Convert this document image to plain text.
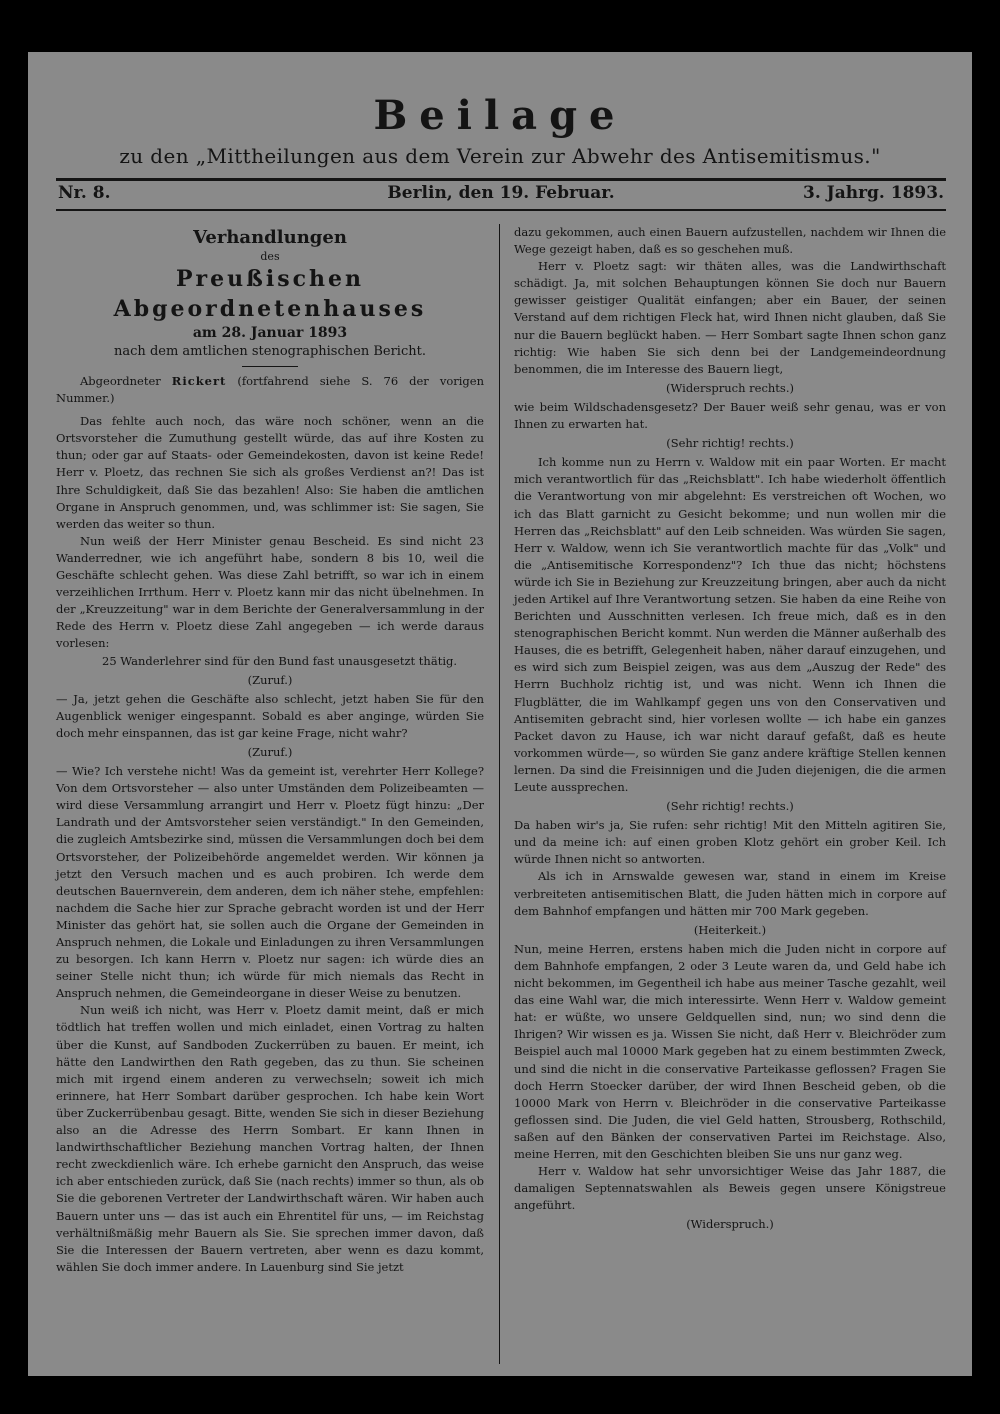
Beilage
zu den „Mittheilungen aus dem Verein zur Abwehr des Antisemitismus."
Nr. 8.	Berlin, den 19. Februar.	3. Jahrg. 1893.
Verhandlungen
des
Preußischen Abgeordnetenhauses
am 28. Januar 1893
nach dem amtlichen stenographischen Bericht.

Abgeordneter Rickert (fortfahrend siehe S. 76 der vorigen Nummer.)

Das fehlte auch noch, das wäre noch schöner, wenn an die Ortsvorsteher die Zumuthung gestellt würde, das auf ihre Kosten zu thun; oder gar auf Staats- oder Gemeindekosten, davon ist keine Rede! Herr v. Ploetz, das rechnen Sie sich als großes Verdienst an?! Das ist Ihre Schuldigkeit, daß Sie das bezahlen! Also: Sie haben die amtlichen Organe in Anspruch genommen, und, was schlimmer ist: Sie sagen, Sie werden das weiter so thun.

Nun weiß der Herr Minister genau Bescheid. Es sind nicht 23 Wanderredner, wie ich angeführt habe, sondern 8 bis 10, weil die Geschäfte schlecht gehen. Was diese Zahl betrifft, so war ich in einem verzeihlichen Irrthum. Herr v. Ploetz kann mir das nicht übelnehmen. In der „Kreuzzeitung" war in dem Berichte der Generalversammlung in der Rede des Herrn v. Ploetz diese Zahl angegeben — ich werde daraus vorlesen:

25 Wanderlehrer sind für den Bund fast unausgesetzt thätig.

(Zuruf.)

— Ja, jetzt gehen die Geschäfte also schlecht, jetzt haben Sie für den Augenblick weniger eingespannt. Sobald es aber anginge, würden Sie doch mehr einspannen, das ist gar keine Frage, nicht wahr?

(Zuruf.)

— Wie? Ich verstehe nicht! Was da gemeint ist, verehrter Herr Kollege? Von dem Ortsvorsteher — also unter Umständen dem Polizeibeamten — wird diese Versammlung arrangirt und Herr v. Ploetz fügt hinzu: „Der Landrath und der Amtsvorsteher seien verständigt." In den Gemeinden, die zugleich Amtsbezirke sind, müssen die Versammlungen doch bei dem Ortsvorsteher, der Polizeibehörde angemeldet werden. Wir können ja jetzt den Versuch machen und es auch probiren. Ich werde dem deutschen Bauernverein, dem anderen, dem ich näher stehe, empfehlen: nachdem die Sache hier zur Sprache gebracht worden ist und der Herr Minister das gehört hat, sie sollen auch die Organe der Gemeinden in Anspruch nehmen, die Lokale und Einladungen zu ihren Versammlungen zu besorgen. Ich kann Herrn v. Ploetz nur sagen: ich würde dies an seiner Stelle nicht thun; ich würde für mich niemals das Recht in Anspruch nehmen, die Gemeindeorgane in dieser Weise zu benutzen.

Nun weiß ich nicht, was Herr v. Ploetz damit meint, daß er mich tödtlich hat treffen wollen und mich einladet, einen Vortrag zu halten über die Kunst, auf Sandboden Zuckerrüben zu bauen. Er meint, ich hätte den Landwirthen den Rath gegeben, das zu thun. Sie scheinen mich mit irgend einem anderen zu verwechseln; soweit ich mich erinnere, hat Herr Sombart darüber gesprochen. Ich habe kein Wort über Zuckerrübenbau gesagt. Bitte, wenden Sie sich in dieser Beziehung also an die Adresse des Herrn Sombart. Er kann Ihnen in landwirthschaftlicher Beziehung manchen Vortrag halten, der Ihnen recht zweckdienlich wäre. Ich erhebe garnicht den Anspruch, das weise ich aber entschieden zurück, daß Sie (nach rechts) immer so thun, als ob Sie die geborenen Vertreter der Landwirthschaft wären. Wir haben auch Bauern unter uns — das ist auch ein Ehrentitel für uns, — im Reichstag verhältnißmäßig mehr Bauern als Sie. Sie sprechen immer davon, daß Sie die Interessen der Bauern vertreten, aber wenn es dazu kommt, wählen Sie doch immer andere. In Lauenburg sind Sie jetzt

dazu gekommen, auch einen Bauern aufzustellen, nachdem wir Ihnen die Wege gezeigt haben, daß es so geschehen muß.

Herr v. Ploetz sagt: wir thäten alles, was die Landwirthschaft schädigt. Ja, mit solchen Behauptungen können Sie doch nur Bauern gewisser geistiger Qualität einfangen; aber ein Bauer, der seinen Verstand auf dem richtigen Fleck hat, wird Ihnen nicht glauben, daß Sie nur die Bauern beglückt haben. — Herr Sombart sagte Ihnen schon ganz richtig: Wie haben Sie sich denn bei der Landgemeindeordnung benommen, die im Interesse des Bauern liegt,

(Widerspruch rechts.)

wie beim Wildschadensgesetz? Der Bauer weiß sehr genau, was er von Ihnen zu erwarten hat.

(Sehr richtig! rechts.)

Ich komme nun zu Herrn v. Waldow mit ein paar Worten. Er macht mich verantwortlich für das „Reichsblatt". Ich habe wiederholt öffentlich die Verantwortung von mir abgelehnt: Es verstreichen oft Wochen, wo ich das Blatt garnicht zu Gesicht bekomme; und nun wollen mir die Herren das „Reichsblatt" auf den Leib schneiden. Was würden Sie sagen, Herr v. Waldow, wenn ich Sie verantwortlich machte für das „Volk" und die „Antisemitische Korrespondenz"? Ich thue das nicht; höchstens würde ich Sie in Beziehung zur Kreuzzeitung bringen, aber auch da nicht jeden Artikel auf Ihre Verantwortung setzen. Sie haben da eine Reihe von Berichten und Ausschnitten verlesen. Ich freue mich, daß es in den stenographischen Bericht kommt. Nun werden die Männer außerhalb des Hauses, die es betrifft, Gelegenheit haben, näher darauf einzugehen, und es wird sich zum Beispiel zeigen, was aus dem „Auszug der Rede" des Herrn Buchholz richtig ist, und was nicht. Wenn ich Ihnen die Flugblätter, die im Wahlkampf gegen uns von den Conservativen und Antisemiten gebracht sind, hier vorlesen wollte — ich habe ein ganzes Packet davon zu Hause, ich war nicht darauf gefaßt, daß es heute vorkommen würde—, so würden Sie ganz andere kräftige Stellen kennen lernen. Da sind die Freisinnigen und die Juden diejenigen, die die armen Leute aussprechen.

(Sehr richtig! rechts.)

Da haben wir's ja, Sie rufen: sehr richtig! Mit den Mitteln agitiren Sie, und da meine ich: auf einen groben Klotz gehört ein grober Keil. Ich würde Ihnen nicht so antworten.

Als ich in Arnswalde gewesen war, stand in einem im Kreise verbreiteten antisemitischen Blatt, die Juden hätten mich in corpore auf dem Bahnhof empfangen und hätten mir 700 Mark gegeben.

(Heiterkeit.)

Nun, meine Herren, erstens haben mich die Juden nicht in corpore auf dem Bahnhofe empfangen, 2 oder 3 Leute waren da, und Geld habe ich nicht bekommen, im Gegentheil ich habe aus meiner Tasche gezahlt, weil das eine Wahl war, die mich interessirte. Wenn Herr v. Waldow gemeint hat: er wüßte, wo unsere Geldquellen sind, nun; wo sind denn die Ihrigen? Wir wissen es ja. Wissen Sie nicht, daß Herr v. Bleichröder zum Beispiel auch mal 10000 Mark gegeben hat zu einem bestimmten Zweck, und sind die nicht in die conservative Parteikasse geflossen? Fragen Sie doch Herrn Stoecker darüber, der wird Ihnen Bescheid geben, ob die 10000 Mark von Herrn v. Bleichröder in die conservative Parteikasse geflossen sind. Die Juden, die viel Geld hatten, Strousberg, Rothschild, saßen auf den Bänken der conservativen Partei im Reichstage. Also, meine Herren, mit den Geschichten bleiben Sie uns nur ganz weg.

Herr v. Waldow hat sehr unvorsichtiger Weise das Jahr 1887, die damaligen Septennatswahlen als Beweis gegen unsere Königstreue angeführt.

(Widerspruch.)
